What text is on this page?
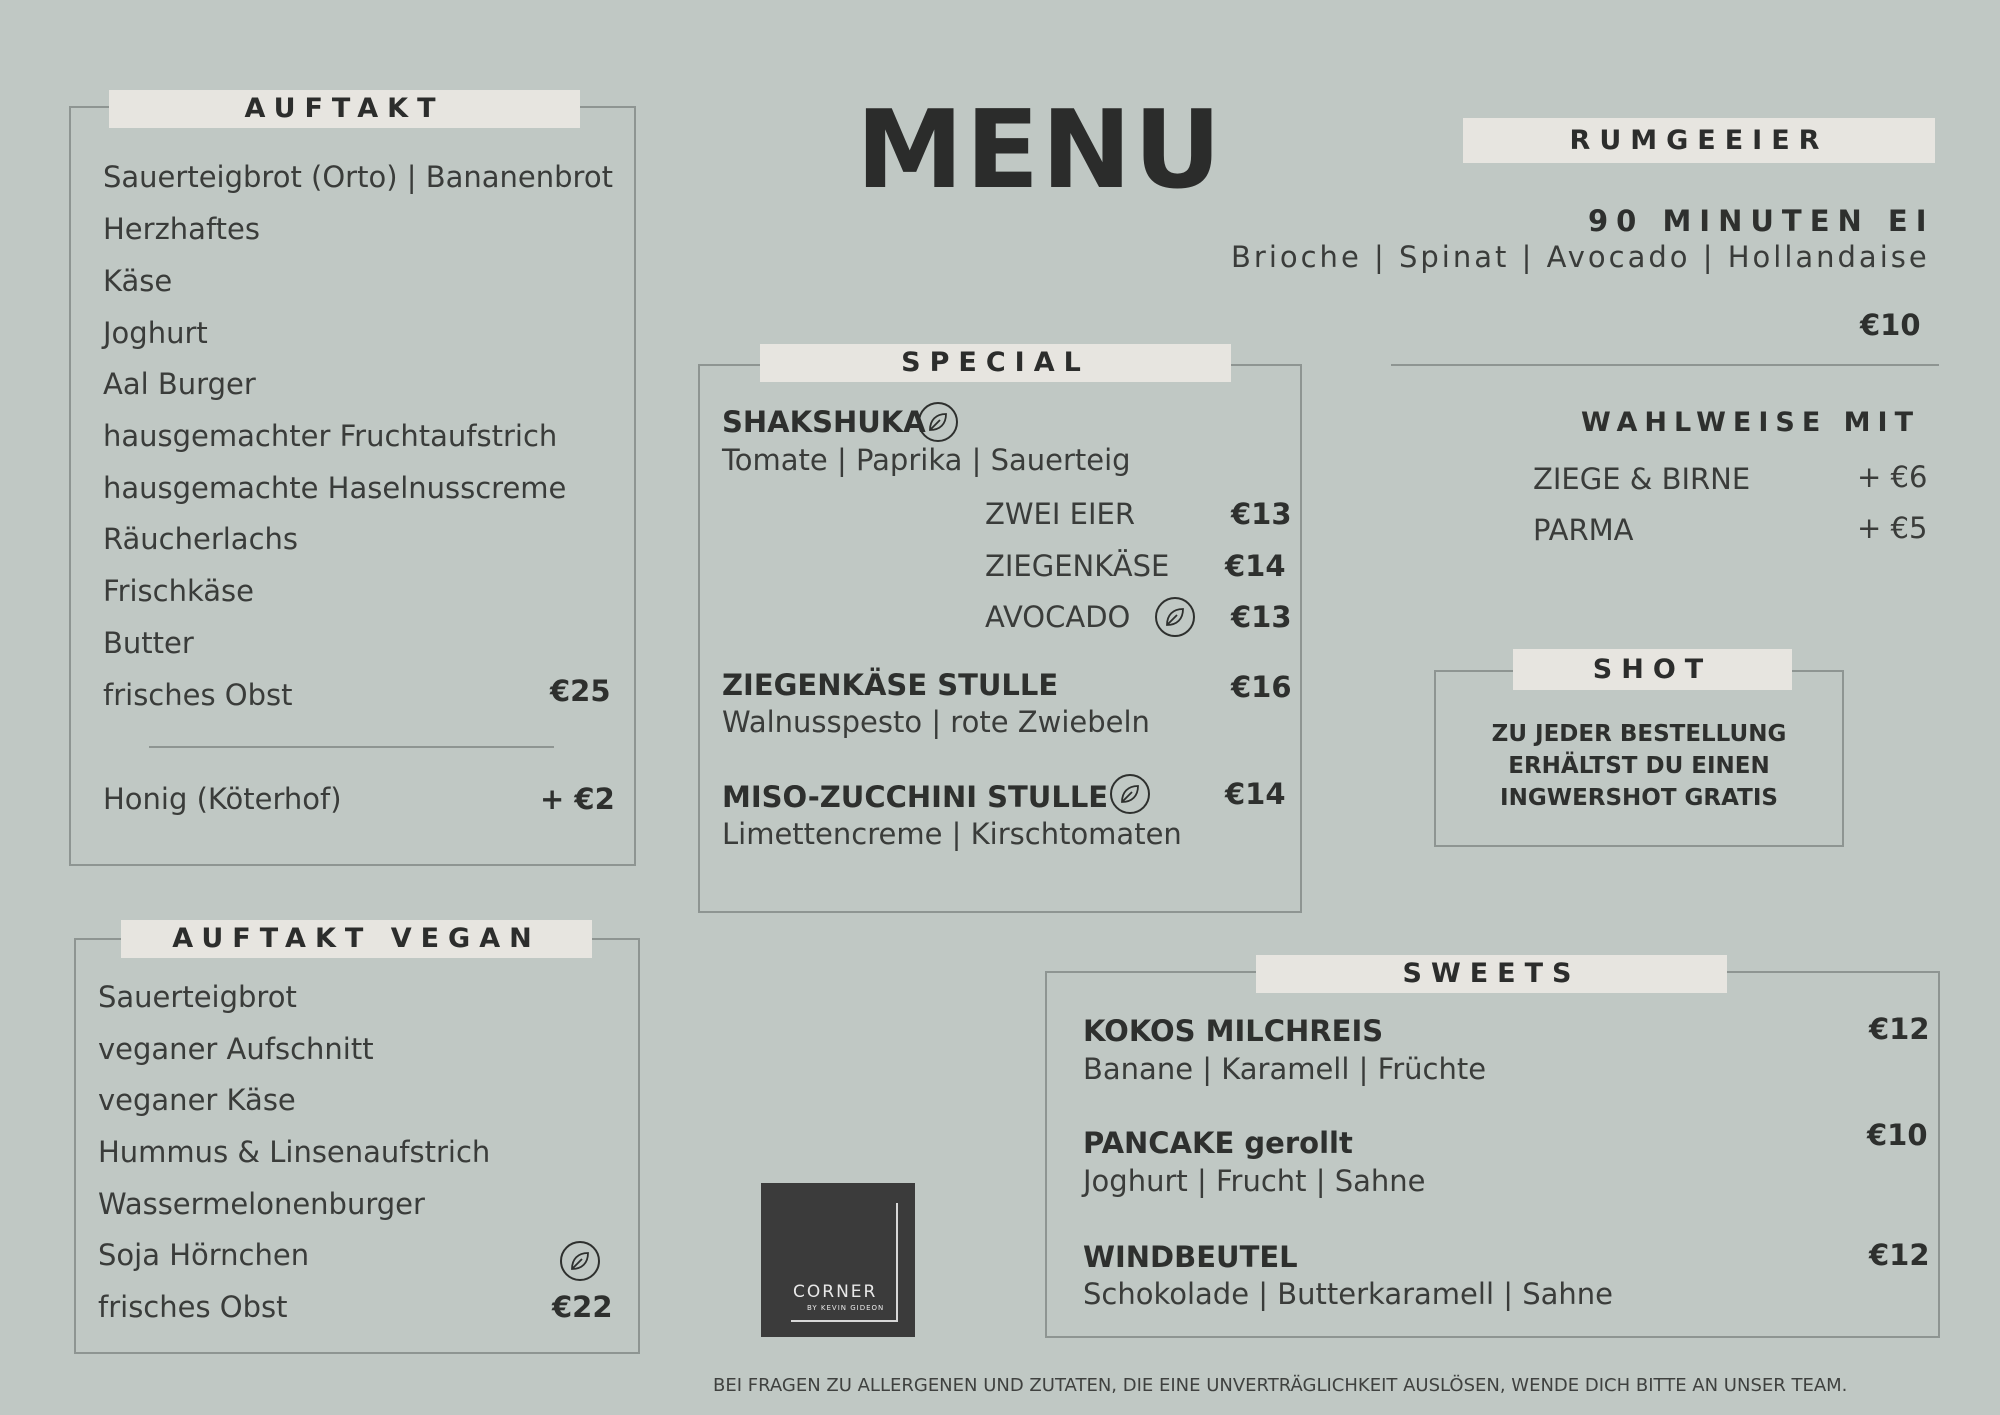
MENU
AUFTAKT
Sauerteigbrot (Orto) | Bananenbrot
Herzhaftes
Käse
Joghurt
Aal Burger
hausgemachter Fruchtaufstrich
hausgemachte Haselnusscreme
Räucherlachs
Frischkäse
Butter
frisches Obst	€25
Honig (Köterhof)	+ €2
AUFTAKT VEGAN
Sauerteigbrot
veganer Aufschnitt
veganer Käse
Hummus & Linsenaufstrich
Wassermelonenburger
Soja Hörnchen
frisches Obst	€22
SPECIAL
SHAKSHUKA
Tomate | Paprika | Sauerteig
ZWEI EIER	€13
ZIEGENKÄSE €14
AVOCADO	€13
ZIEGENKÄSE STULLE	€16
Walnusspesto | rote Zwiebeln
MISO-ZUCCHINI STULLE	€14
Limettencreme | Kirschtomaten
RUMGEEIER
90 MINUTEN EI
Brioche | Spinat | Avocado | Hollandaise
€10
WAHLWEISE MIT
ZIEGE & BIRNE	+ €6
PARMA	+ €5
SHOT
ZU JEDER BESTELLUNG
ERHÄLTST DU EINEN
INGWERSHOT GRATIS
SWEETS
KOKOS MILCHREIS	€12
Banane | Karamell | Früchte
PANCAKE gerollt	€10
Joghurt | Frucht | Sahne
WINDBEUTEL	€12
Schokolade | Butterkaramell | Sahne
CORNER
BY KEVIN GIDEON
BEI FRAGEN ZU ALLERGENEN UND ZUTATEN, DIE EINE UNVERTRÄGLICHKEIT AUSLÖSEN, WENDE DICH BITTE AN UNSER TEAM.
